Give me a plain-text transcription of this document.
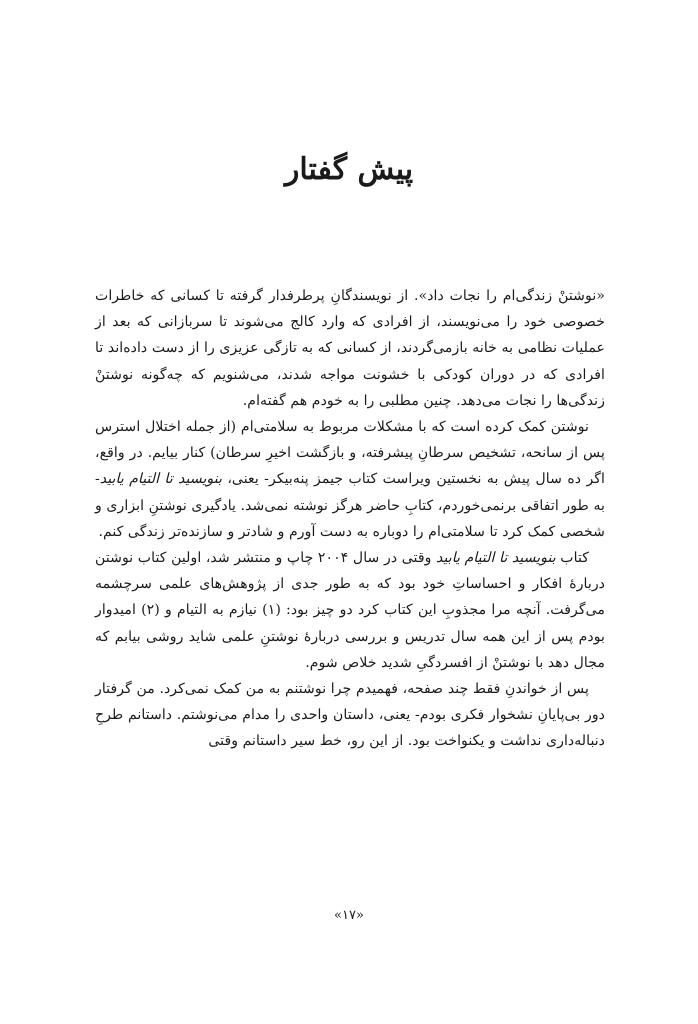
پیش گفتار

«نوشتنْ زندگی‌ام را نجات داد». از نویسندگانِ پرطرفدار گرفته تا کسانی که خاطرات خصوصی خود را می‌نویسند، از افرادی که وارد کالج می‌شوند تا سربازانی که بعد از عملیات نظامی به خانه بازمی‌گردند، از کسانی که به تازگی عزیزی را از دست داده‌اند تا افرادی که در دوران کودکی با خشونت مواجه شدند، می‌شنویم که چه‌گونه نوشتنْ زندگی‌ها را نجات می‌دهد. چنین مطلبی را به خودم هم گفته‌ام.

نوشتن کمک کرده است که با مشکلات مربوط به سلامتی‌ام (از جمله اختلال استرس پس از سانحه، تشخیص سرطانِ پیشرفته، و بازگشت اخیرِ سرطان) کنار بیایم. در واقع، اگر ده سال پیش به نخستین ویراست کتاب جیمز پنه‌بیکر- یعنی، بنویسید تا التیام یابید- به طور اتفاقی برنمی‌خوردم، کتابِ حاضر هرگز نوشته نمی‌شد. یادگیری نوشتنِ ابزاری و شخصی کمک کرد تا سلامتی‌ام را دوباره به دست آورم و شادتر و سازنده‌تر زندگی کنم.

کتاب بنویسید تا التیام یابید وقتی در سال ۲۰۰۴ چاپ و منتشر شد، اولین کتاب نوشتن دربارهٔ افکار و احساساتِ خود بود که به طور جدی از پژوهش‌های علمی سرچشمه می‌گرفت. آنچه مرا مجذوبِ این کتاب کرد دو چیز بود: (۱) نیازم به التیام و (۲) امیدوار بودم پس از این همه سال تدریس و بررسی دربارهٔ نوشتنِ علمی شاید روشی بیابم که مجال دهد با نوشتنْ از افسردگیِ شدید خلاص شوم.

پس از خواندنِ فقط چند صفحه، فهمیدم چرا نوشتنم به من کمک نمی‌کرد. من گرفتار دور بی‌پایانِ نشخوار فکری بودم- یعنی، داستان واحدی را مدام می‌نوشتم. داستانم طرحِ دنباله‌داری نداشت و یکنواخت بود. از این رو، خط سیر داستانم وقتی

«۱۷»
